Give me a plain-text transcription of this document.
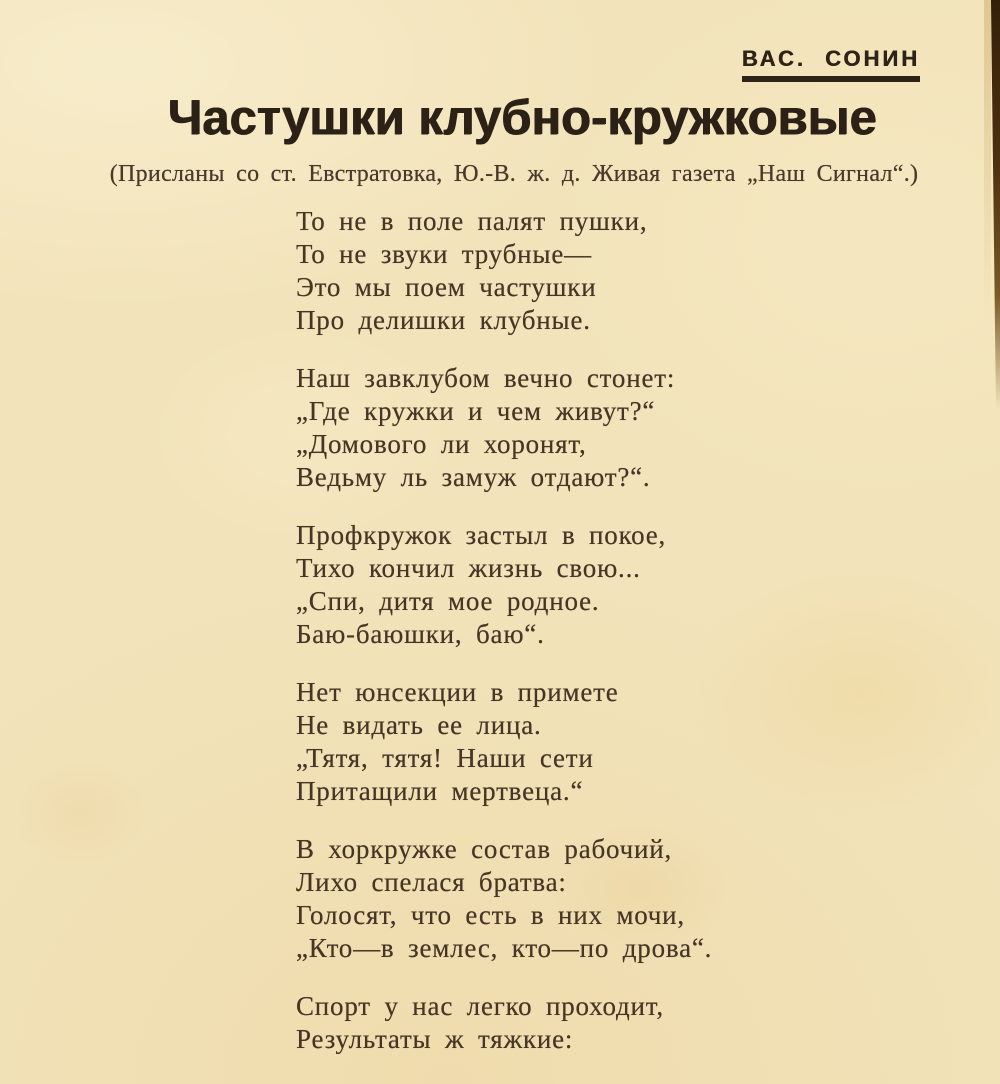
ВАС. СОНИН
Частушки клубно-кружковые
(Присланы со ст. Евстратовка, Ю.-В. ж. д. Живая газета „Наш Сигнал“.)
То не в поле палят пушки,
То не звуки трубные—
Это мы поем частушки
Про делишки клубные.
Наш завклубом вечно стонет:
„Где кружки и чем живут?“
„Домового ли хоронят,
Ведьму ль замуж отдают?“.
Профкружок застыл в покое,
Тихо кончил жизнь свою...
„Спи, дитя мое родное.
Баю-баюшки, баю“.
Нет юнсекции в примете
Не видать ее лица.
„Тятя, тятя! Наши сети
Притащили мертвеца.“
В хоркружке состав рабочий,
Лихо спелася братва:
Голосят, что есть в них мочи,
„Кто—в землес, кто—по дрова“.
Спорт у нас легко проходит,
Результаты ж тяжкие:
